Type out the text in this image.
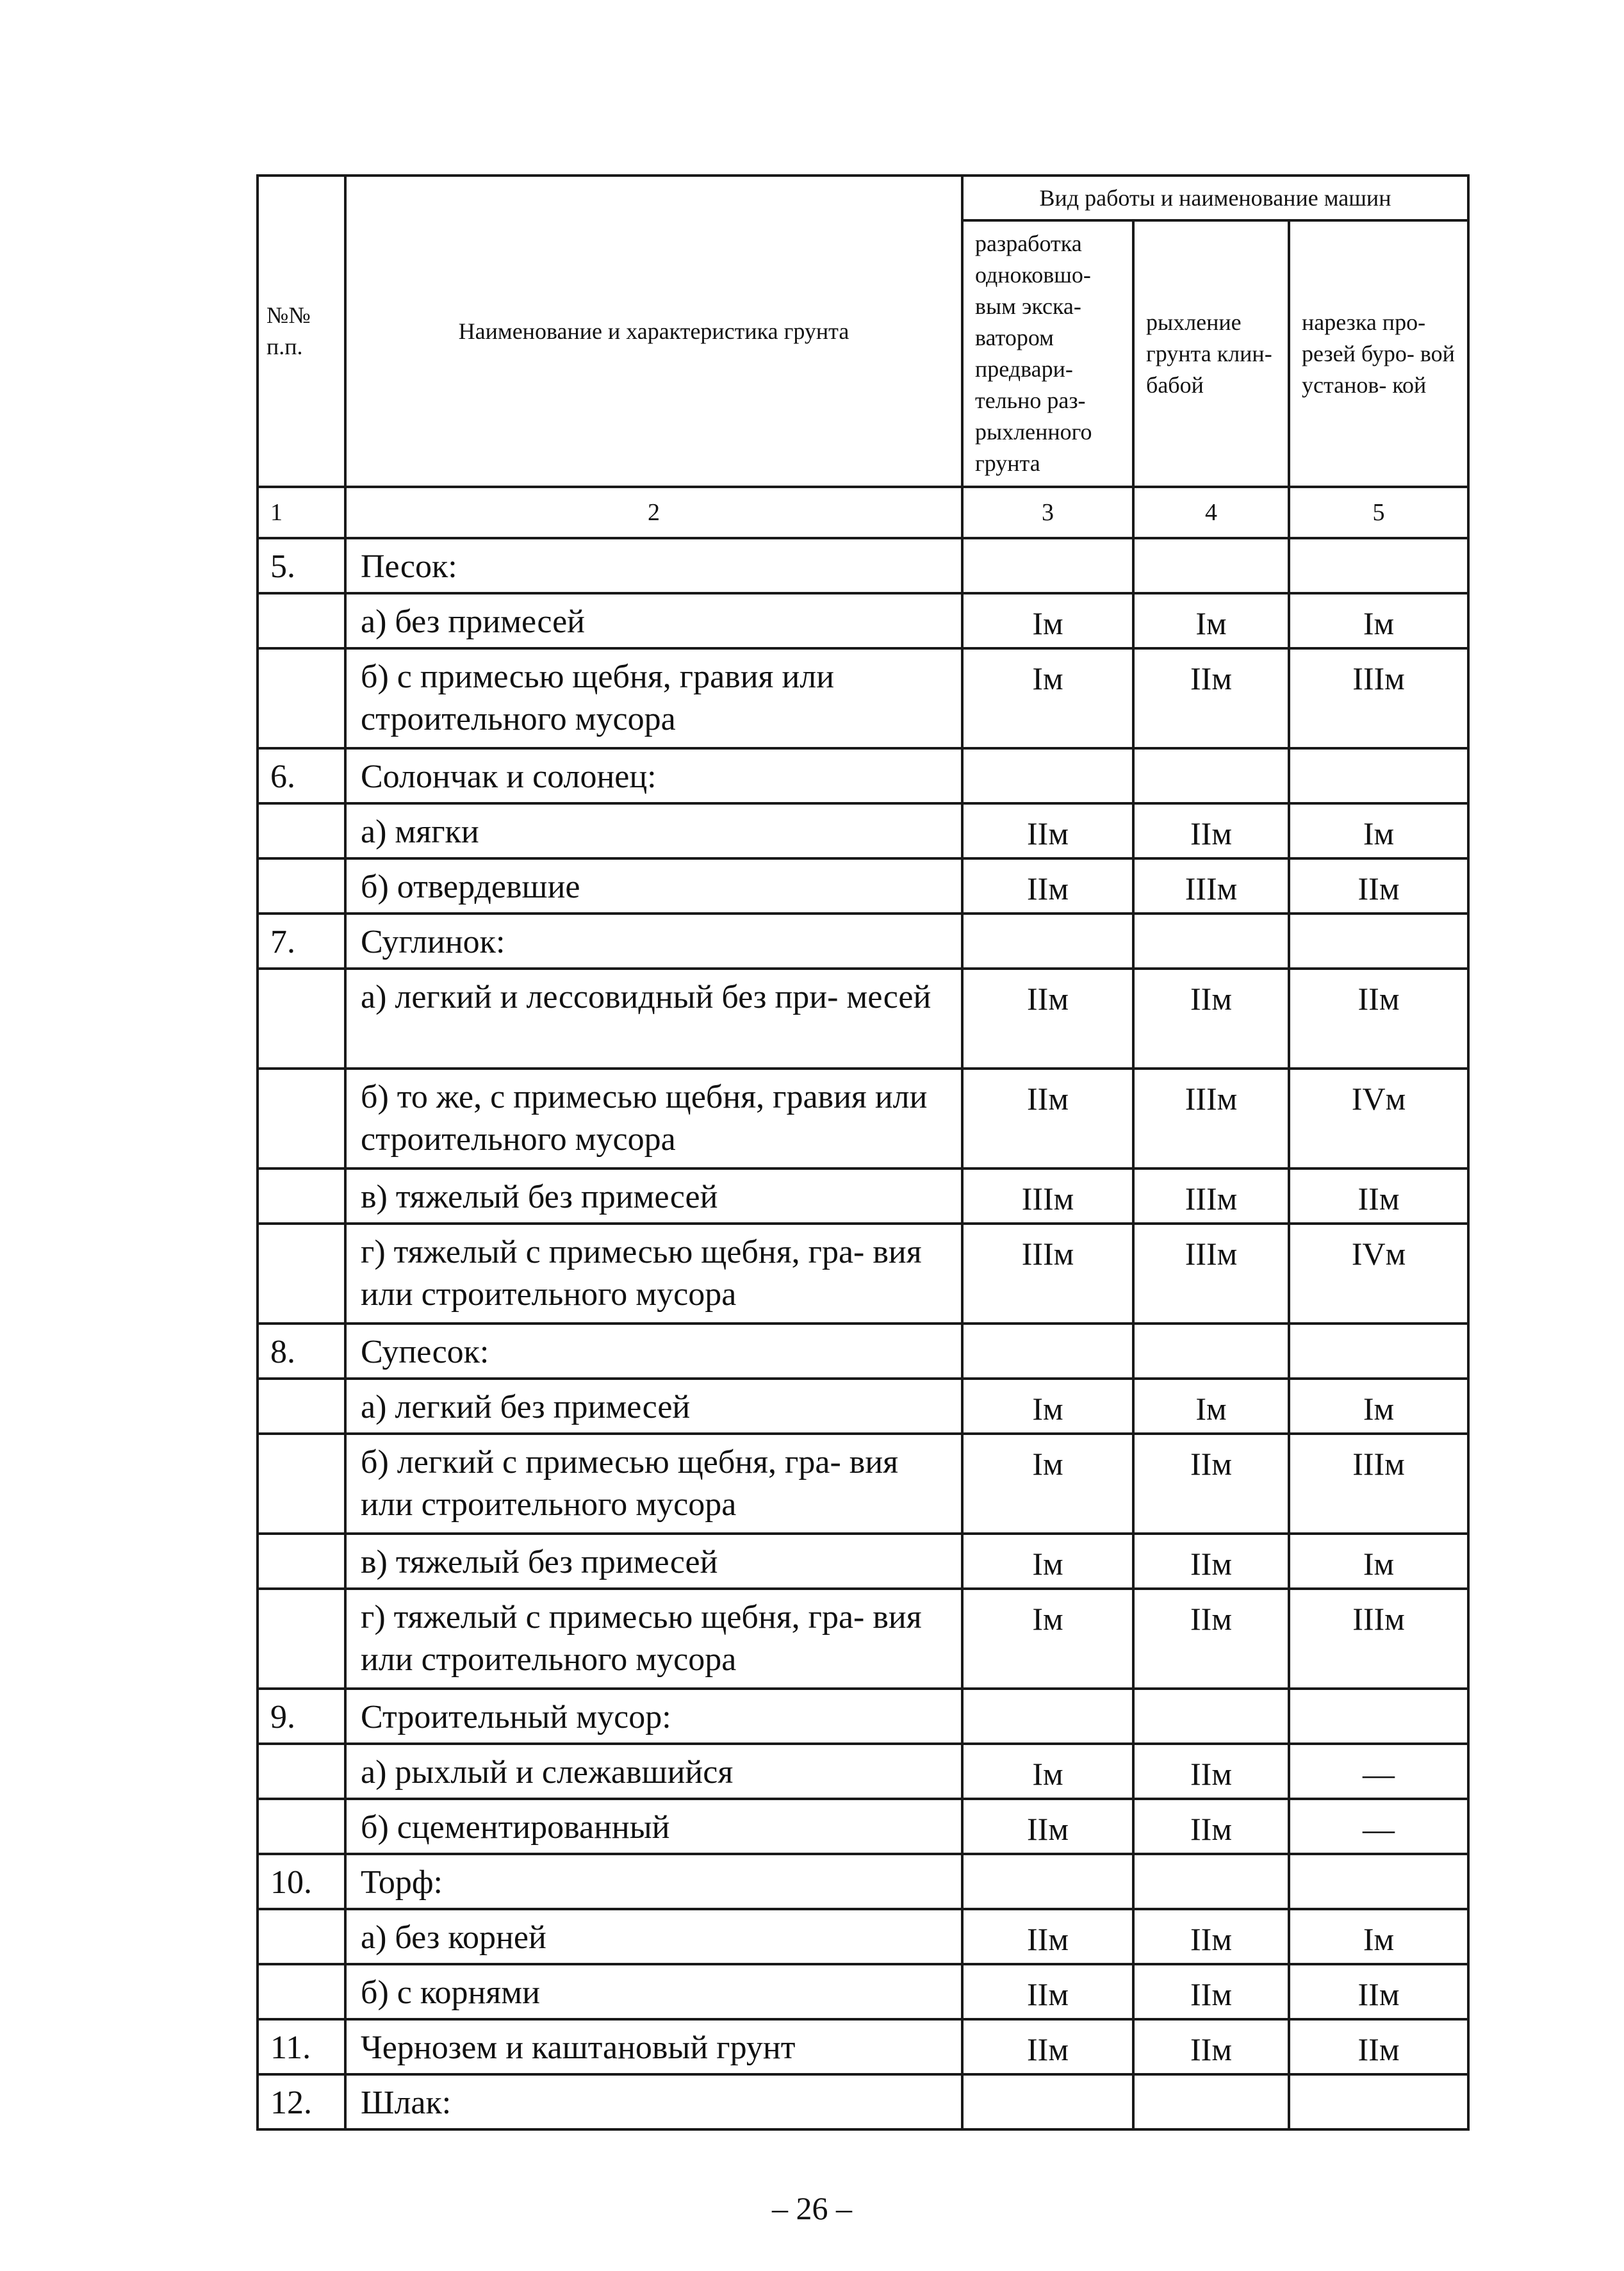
№№ п.п.	Наименование и характеристика грунта	Вид работы и наименование машин		
		разработка одноковшо- вым экска- ватором предвари- тельно раз- рыхленного грунта	рыхление грунта клин- бабой	нарезка про- резей буро- вой установ- кой
1	2	3	4	5
5.	Песок:			
	а) без примесей	Iм	Iм	Iм
	б) с примесью щебня, гравия или строительного мусора	Iм	IIм	IIIм
6.	Солончак и солонец:			
	а) мягки	IIм	IIм	Iм
	б) отвердевшие	IIм	IIIм	IIм
7.	Суглинок:			
	а) легкий и лессовидный без при- месей	IIм	IIм	IIм
	б) то же, с примесью щебня, гравия или строительного мусора	IIм	IIIм	IVм
	в) тяжелый без примесей	IIIм	IIIм	IIм
	г) тяжелый с примесью щебня, гра- вия или строительного мусора	IIIм	IIIм	IVм
8.	Супесок:			
	а) легкий без примесей	Iм	Iм	Iм
	б) легкий с примесью щебня, гра- вия или строительного мусора	Iм	IIм	IIIм
	в) тяжелый без примесей	Iм	IIм	Iм
	г) тяжелый с примесью щебня, гра- вия или строительного мусора	Iм	IIм	IIIм
9.	Строительный мусор:			
	а) рыхлый и слежавшийся	Iм	IIм	—
	б) сцементированный	IIм	IIм	—
10.	Торф:			
	а) без корней	IIм	IIм	Iм
	б) с корнями	IIм	IIм	IIм
11.	Чернозем и каштановый грунт	IIм	IIм	IIм
12.	Шлак:			
– 26 –
